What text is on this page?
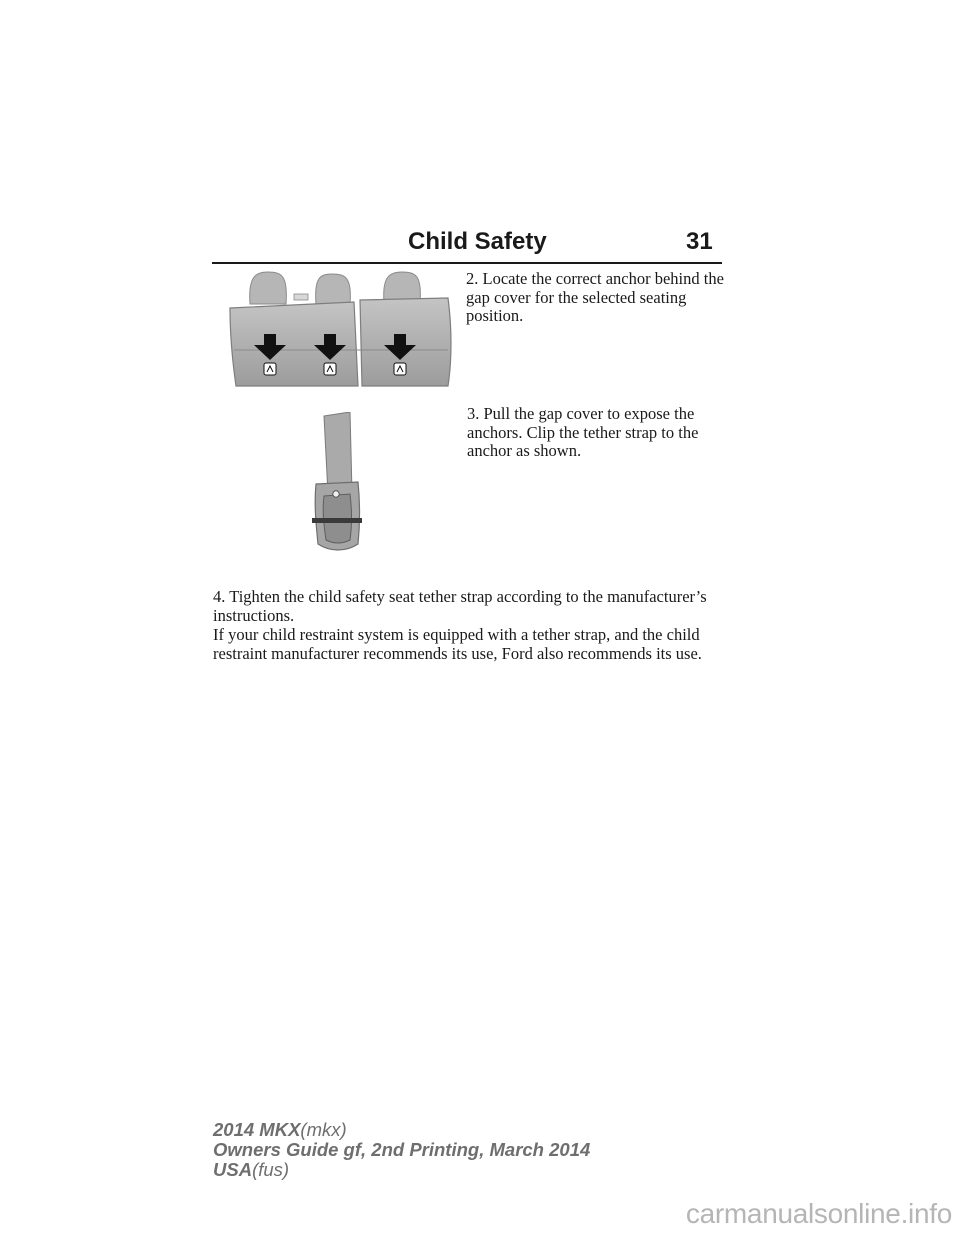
Child Safety	31

2. Locate the correct anchor behind the gap cover for the selected seating position.

3. Pull the gap cover to expose the anchors. Clip the tether strap to the anchor as shown.

4. Tighten the child safety seat tether strap according to the manufacturer’s instructions.

If your child restraint system is equipped with a tether strap, and the child restraint manufacturer recommends its use, Ford also recommends its use.

2014 MKX(mkx)
Owners Guide gf, 2nd Printing, March 2014
USA(fus)
carmanualsonline.info
